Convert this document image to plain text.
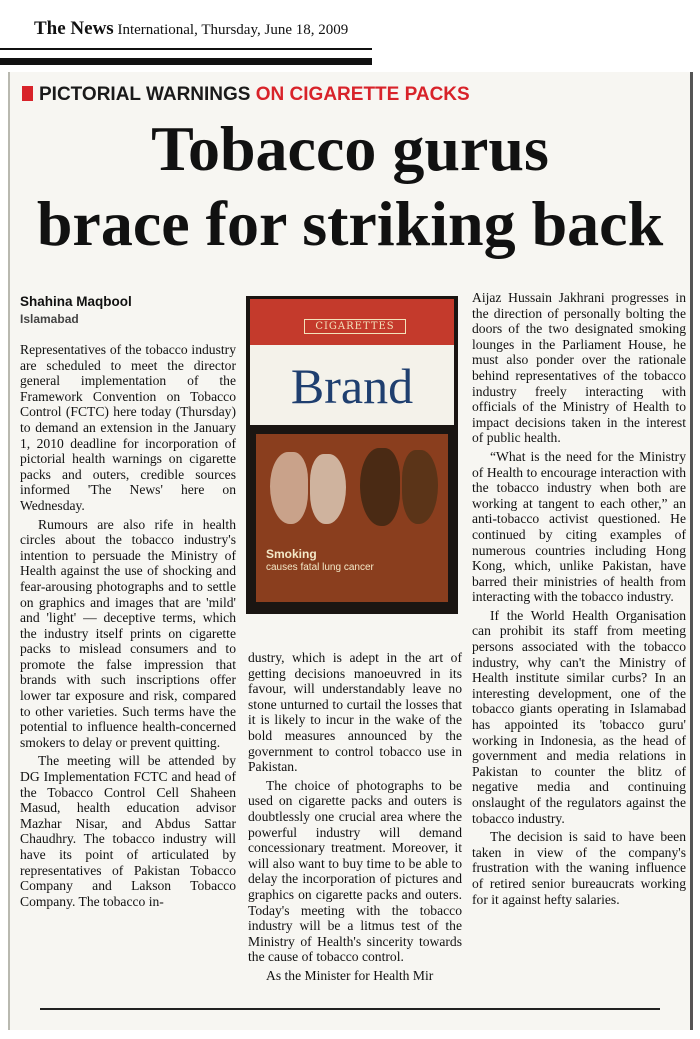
The News International, Thursday, June 18, 2009
PICTORIAL WARNINGS ON CIGARETTE PACKS
Tobacco gurus
brace for striking back
Shahina Maqbool
Islamabad

Representatives of the tobacco industry are scheduled to meet the director general implementation of the Framework Convention on Tobacco Control (FCTC) here today (Thursday) to demand an extension in the January 1, 2010 deadline for incorporation of pictorial health warnings on cigarette packs and outers, credible sources informed 'The News' here on Wednesday.

Rumours are also rife in health circles about the tobacco industry's intention to persuade the Ministry of Health against the use of shocking and fear-arousing photographs and to settle on graphics and images that are 'mild' and 'light' — deceptive terms, which the industry itself prints on cigarette packs to mislead consumers and to promote the false impression that brands with such inscriptions offer lower tar exposure and risk, compared to other varieties. Such terms have the potential to influence health-concerned smokers to delay or prevent quitting.

The meeting will be attended by DG Implementation FCTC and head of the Tobacco Control Cell Shaheen Masud, health education advisor Mazhar Nisar, and Abdus Sattar Chaudhry. The tobacco industry will have its point of articulated by representatives of Pakistan Tobacco Company and Lakson Tobacco Company. The tobacco in-

CIGARETTES
Brand
Smoking
causes fatal lung cancer

dustry, which is adept in the art of getting decisions manoeuvred in its favour, will understandably leave no stone unturned to curtail the losses that it is likely to incur in the wake of the bold measures announced by the government to control tobacco use in Pakistan.

The choice of photographs to be used on cigarette packs and outers is doubtlessly one crucial area where the powerful industry will demand concessionary treatment. Moreover, it will also want to buy time to be able to delay the incorporation of pictures and graphics on cigarette packs and outers. Today's meeting with the tobacco industry will be a litmus test of the Ministry of Health's sincerity towards the cause of tobacco control.

As the Minister for Health Mir

Aijaz Hussain Jakhrani progresses in the direction of personally bolting the doors of the two designated smoking lounges in the Parliament House, he must also ponder over the rationale behind representatives of the tobacco industry freely interacting with officials of the Ministry of Health to impact decisions taken in the interest of public health.

“What is the need for the Ministry of Health to encourage interaction with the tobacco industry when both are working at tangent to each other,” an anti-tobacco activist questioned. He continued by citing examples of numerous countries including Hong Kong, which, unlike Pakistan, have barred their ministries of health from interacting with the tobacco industry.

If the World Health Organisation can prohibit its staff from meeting persons associated with the tobacco industry, why can't the Ministry of Health institute similar curbs? In an interesting development, one of the tobacco giants operating in Islamabad has appointed its 'tobacco guru' working in Indonesia, as the head of government and media relations in Pakistan to counter the blitz of negative media and continuing onslaught of the regulators against the tobacco industry.

The decision is said to have been taken in view of the company's frustration with the waning influence of retired senior bureaucrats working for it against hefty salaries.
